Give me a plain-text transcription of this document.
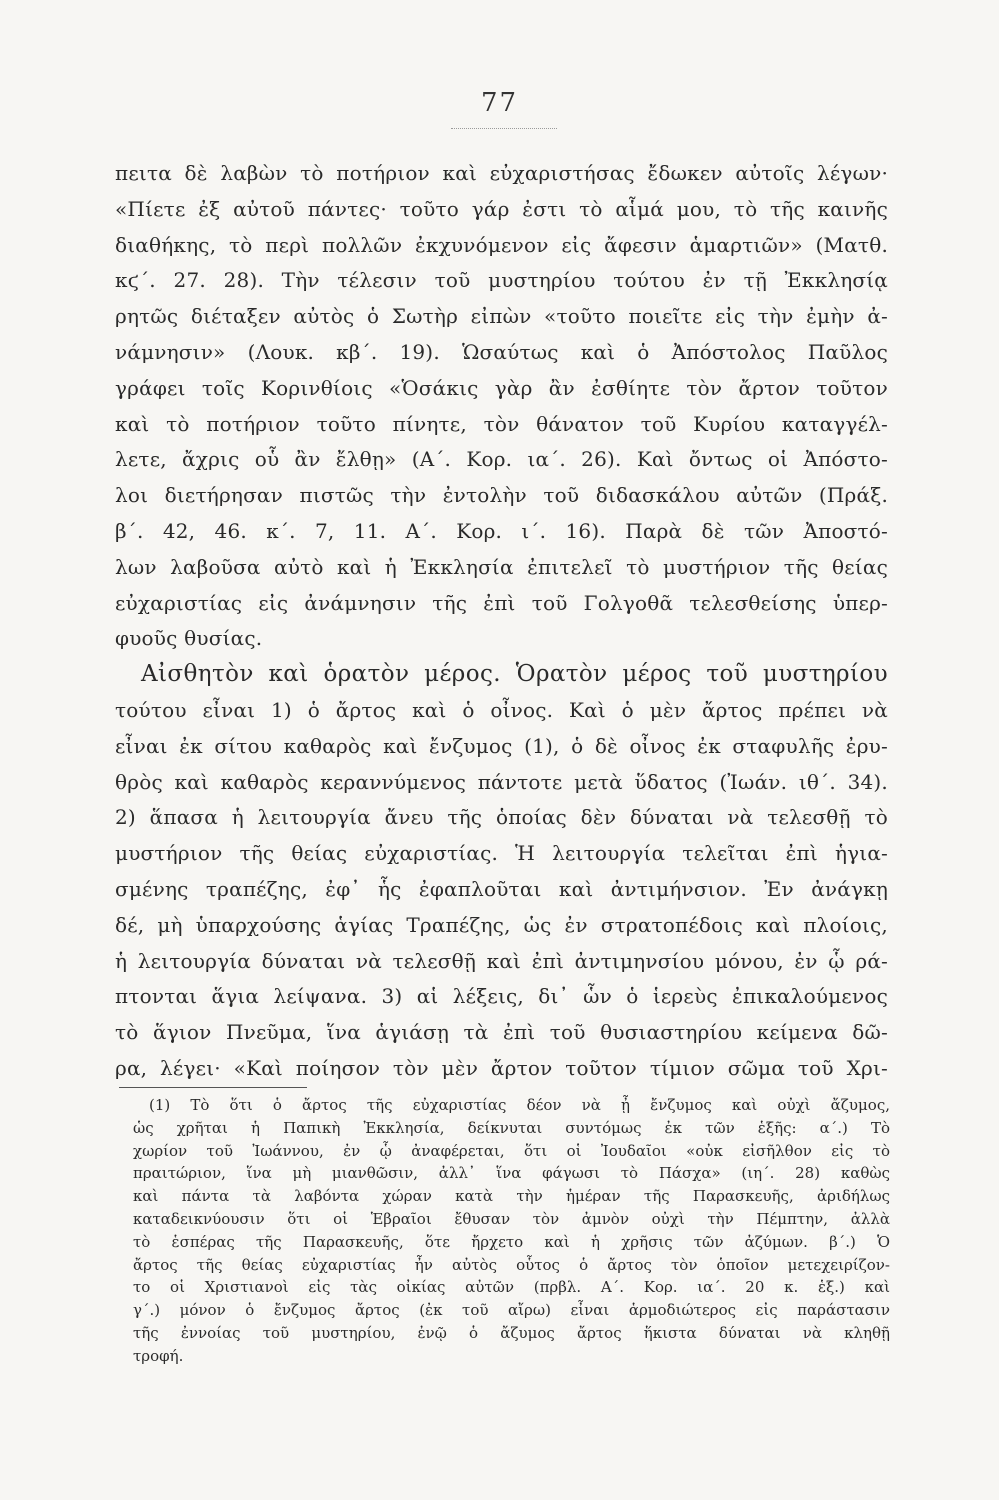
77
πειτα δὲ λαβὼν τὸ ποτήριον καὶ εὐχαριστήσας ἔδωκεν αὐτοῖς λέγων·
«Πίετε ἐξ αὐτοῦ πάντες· τοῦτο γάρ ἐστι τὸ αἷμά μου, τὸ τῆς καινῆς
διαθήκης, τὸ περὶ πολλῶν ἐκχυνόμενον εἰς ἄφεσιν ἁμαρτιῶν» (Ματθ.
κϛ΄. 27. 28). Τὴν τέλεσιν τοῦ μυστηρίου τούτου ἐν τῇ Ἐκκλησίᾳ
ρητῶς διέταξεν αὐτὸς ὁ Σωτὴρ εἰπὼν «τοῦτο ποιεῖτε εἰς τὴν ἐμὴν ἀ-
νάμνησιν» (Λουκ. κβ΄. 19). Ὡσαύτως καὶ ὁ Ἀπόστολος Παῦλος
γράφει τοῖς Κορινθίοις «Ὁσάκις γὰρ ἂν ἐσθίητε τὸν ἄρτον τοῦτον
καὶ τὸ ποτήριον τοῦτο πίνητε, τὸν θάνατον τοῦ Κυρίου καταγγέλ-
λετε, ἄχρις οὗ ἂν ἔλθῃ» (Α΄. Κορ. ια΄. 26). Καὶ ὄντως οἱ Ἀπόστο-
λοι διετήρησαν πιστῶς τὴν ἐντολὴν τοῦ διδασκάλου αὐτῶν (Πράξ.
β΄. 42, 46. κ΄. 7, 11. Α΄. Κορ. ι΄. 16). Παρὰ δὲ τῶν Ἀποστό-
λων λαβοῦσα αὐτὸ καὶ ἡ Ἐκκλησία ἐπιτελεῖ τὸ μυστήριον τῆς θείας
εὐχαριστίας εἰς ἀνάμνησιν τῆς ἐπὶ τοῦ Γολγοθᾶ τελεσθείσης ὑπερ-
φυοῦς θυσίας.
Αἰσθητὸν καὶ ὁρατὸν μέρος. Ὁρατὸν μέρος τοῦ μυστηρίου
τούτου εἶναι 1) ὁ ἄρτος καὶ ὁ οἶνος. Καὶ ὁ μὲν ἄρτος πρέπει νὰ
εἶναι ἐκ σίτου καθαρὸς καὶ ἔνζυμος (1), ὁ δὲ οἶνος ἐκ σταφυλῆς ἐρυ-
θρὸς καὶ καθαρὸς κεραννύμενος πάντοτε μετὰ ὕδατος (Ἰωάν. ιθ΄. 34).
2) ἅπασα ἡ λειτουργία ἄνευ τῆς ὁποίας δὲν δύναται νὰ τελεσθῇ τὸ
μυστήριον τῆς θείας εὐχαριστίας. Ἡ λειτουργία τελεῖται ἐπὶ ἡγια-
σμένης τραπέζης, ἐφ᾿ ἧς ἐφαπλοῦται καὶ ἀντιμήνσιον. Ἐν ἀνάγκῃ
δέ, μὴ ὑπαρχούσης ἁγίας Τραπέζης, ὡς ἐν στρατοπέδοις καὶ πλοίοις,
ἡ λειτουργία δύναται νὰ τελεσθῇ καὶ ἐπὶ ἀντιμηνσίου μόνου, ἐν ᾧ ρά-
πτονται ἅγια λείψανα. 3) αἱ λέξεις, δι᾿ ὧν ὁ ἱερεὺς ἐπικαλούμενος
τὸ ἅγιον Πνεῦμα, ἵνα ἁγιάσῃ τὰ ἐπὶ τοῦ θυσιαστηρίου κείμενα δῶ-
ρα, λέγει· «Καὶ ποίησον τὸν μὲν ἄρτον τοῦτον τίμιον σῶμα τοῦ Χρι-
(1) Τὸ ὅτι ὁ ἄρτος τῆς εὐχαριστίας δέον νὰ ᾖ ἔνζυμος καὶ οὐχὶ ἄζυμος,
ὡς χρῆται ἡ Παπικὴ Ἐκκλησία, δείκνυται συντόμως ἐκ τῶν ἑξῆς: α΄.) Τὸ
χωρίον τοῦ Ἰωάννου, ἐν ᾧ ἀναφέρεται, ὅτι οἱ Ἰουδαῖοι «οὐκ εἰσῆλθον εἰς τὸ
πραιτώριον, ἵνα μὴ μιανθῶσιν, ἀλλ᾿ ἵνα φάγωσι τὸ Πάσχα» (ιη΄. 28) καθὼς
καὶ πάντα τὰ λαβόντα χώραν κατὰ τὴν ἡμέραν τῆς Παρασκευῆς, ἀριδήλως
καταδεικνύουσιν ὅτι οἱ Ἑβραῖοι ἔθυσαν τὸν ἀμνὸν οὐχὶ τὴν Πέμπτην, ἀλλὰ
τὸ ἑσπέρας τῆς Παρασκευῆς, ὅτε ἤρχετο καὶ ἡ χρῆσις τῶν ἀζύμων. β΄.) Ὁ
ἄρτος τῆς θείας εὐχαριστίας ἦν αὐτὸς οὗτος ὁ ἄρτος τὸν ὁποῖον μετεχειρίζον-
το οἱ Χριστιανοὶ εἰς τὰς οἰκίας αὐτῶν (πρβλ. Α΄. Κορ. ια΄. 20 κ. ἑξ.) καὶ
γ΄.) μόνον ὁ ἔνζυμος ἄρτος (ἐκ τοῦ αἴρω) εἶναι ἁρμοδιώτερος εἰς παράστασιν
τῆς ἐννοίας τοῦ μυστηρίου, ἐνῷ ὁ ἄζυμος ἄρτος ἥκιστα δύναται νὰ κληθῇ
τροφή.
